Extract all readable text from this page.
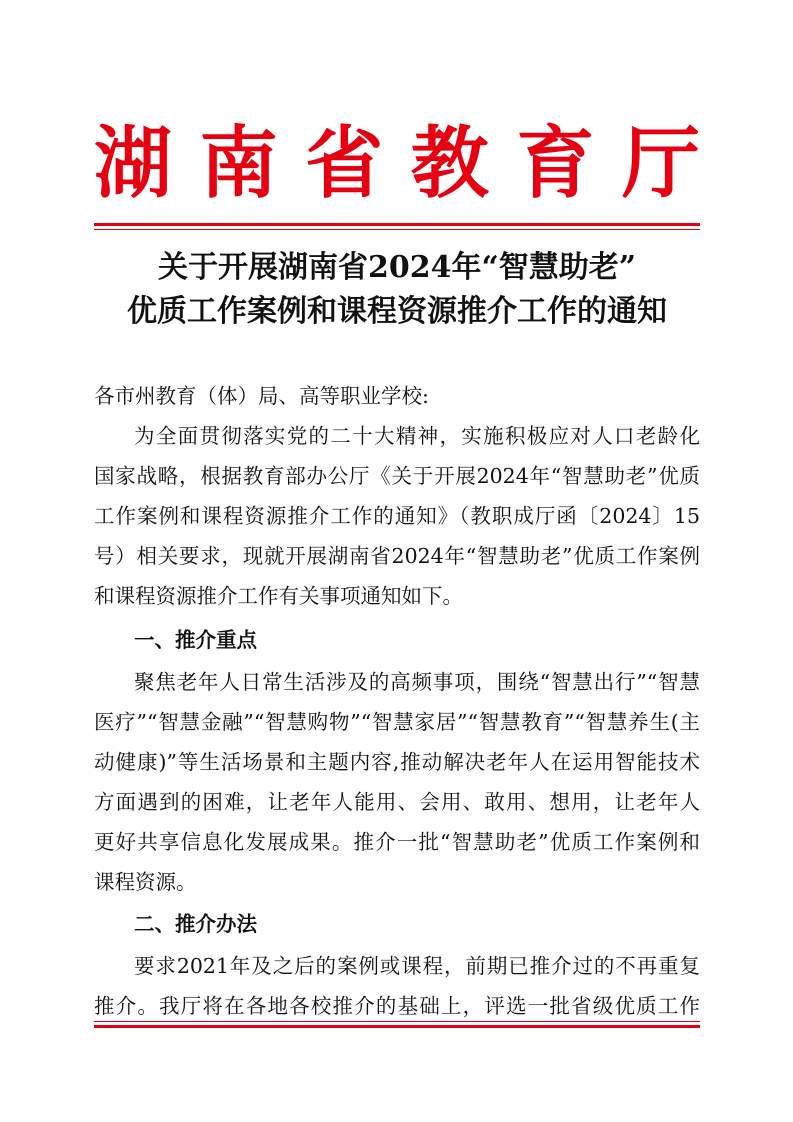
湖 南 省 教 育 厅
关于开展湖南省2024年“智慧助老”
优质工作案例和课程资源推介工作的通知
各市州教育（体）局、高等职业学校:
为全面贯彻落实党的二十大精神，实施积极应对人口老龄化
国家战略，根据教育部办公厅《关于开展2024年“智慧助老”优质
工作案例和课程资源推介工作的通知》（教职成厅函〔2024〕15
号）相关要求，现就开展湖南省2024年“智慧助老”优质工作案例
和课程资源推介工作有关事项通知如下。
一、推介重点
聚焦老年人日常生活涉及的高频事项，围绕“智慧出行”“智慧
医疗”“智慧金融”“智慧购物”“智慧家居”“智慧教育”“智慧养生(主
动健康)”等生活场景和主题内容,推动解决老年人在运用智能技术
方面遇到的困难，让老年人能用、会用、敢用、想用，让老年人
更好共享信息化发展成果。推介一批“智慧助老”优质工作案例和
课程资源。
二、推介办法
要求2021年及之后的案例或课程，前期已推介过的不再重复
推介。我厅将在各地各校推介的基础上，评选一批省级优质工作
